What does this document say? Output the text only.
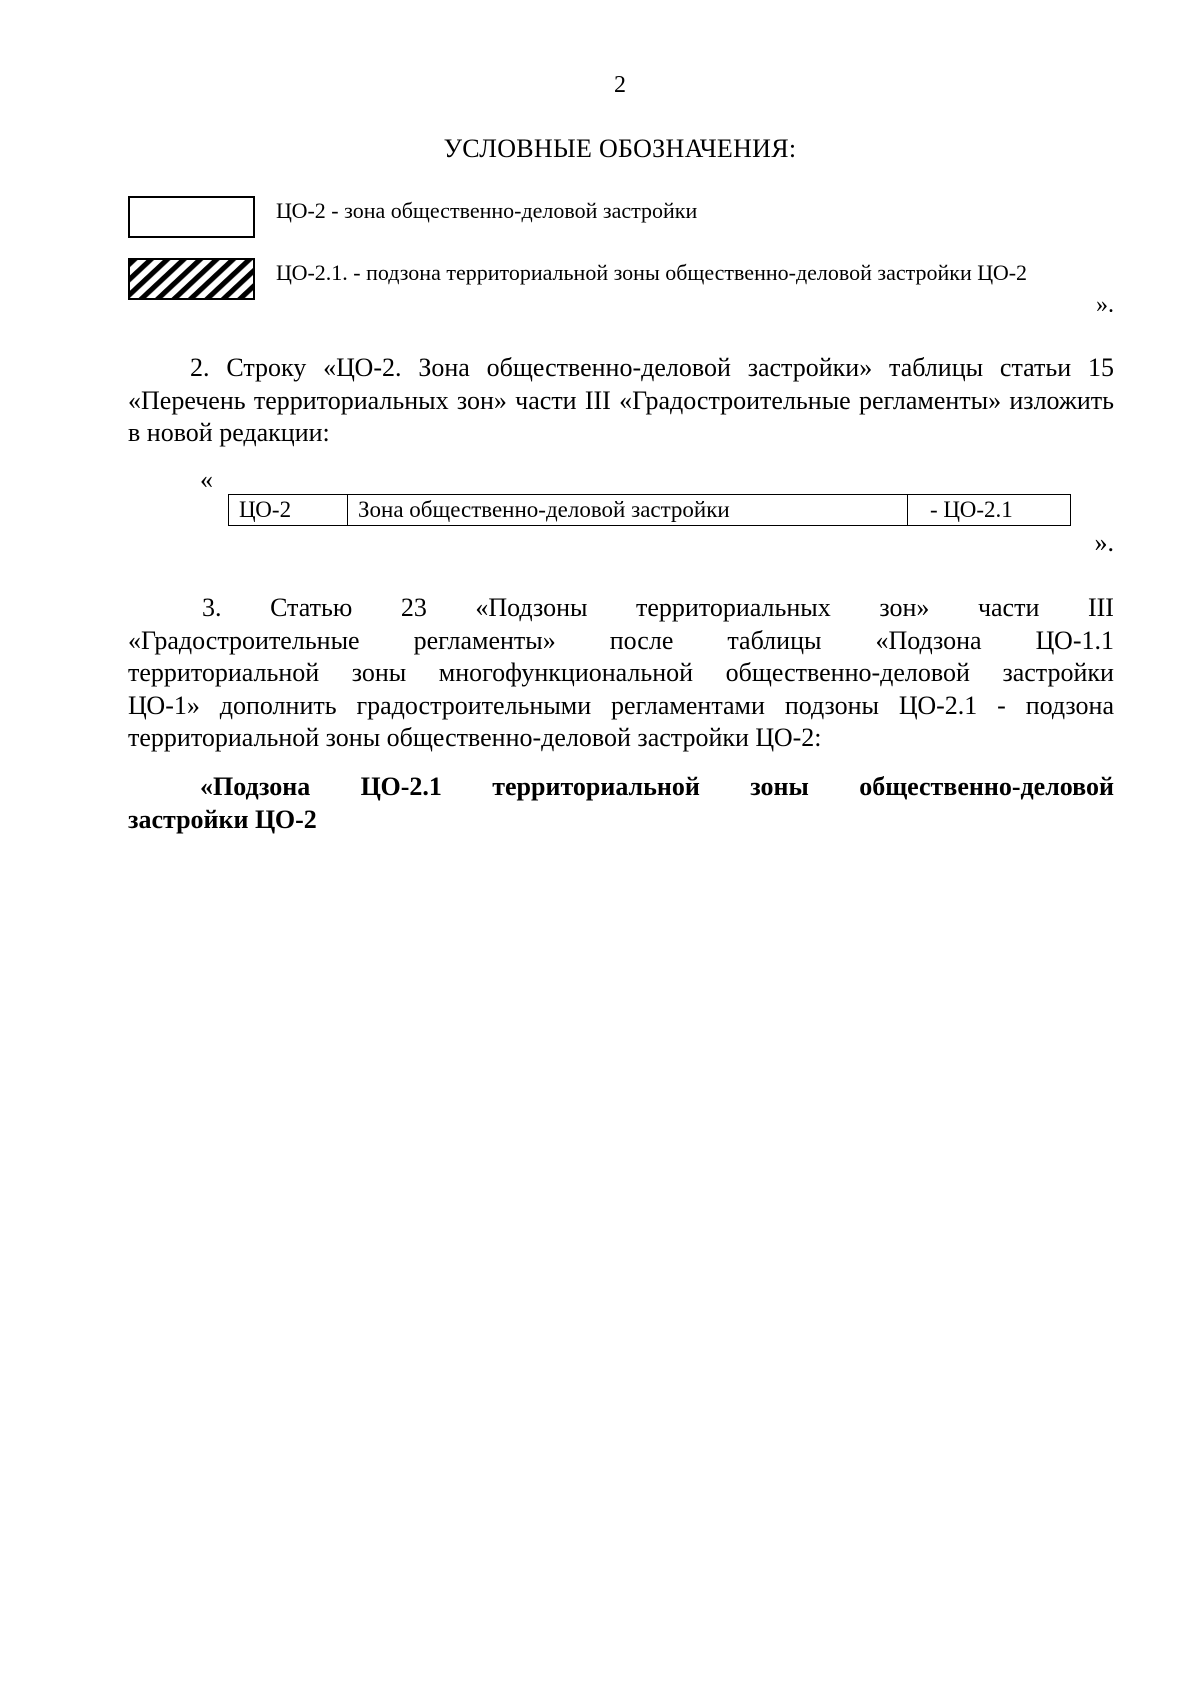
2
УСЛОВНЫЕ ОБОЗНАЧЕНИЯ:
ЦО-2 - зона общественно-деловой застройки
ЦО-2.1. - подзона территориальной зоны общественно-деловой застройки ЦО-2
».
2. Строку «ЦО-2. Зона общественно-деловой застройки» таблицы статьи 15 «Перечень территориальных зон» части III «Градостроительные регламенты» изложить в новой редакции:
«
ЦО-2	Зона общественно-деловой застройки	- ЦО-2.1
».
3. Статью 23 «Подзоны территориальных зон» части III
«Градостроительные регламенты» после таблицы «Подзона ЦО-1.1
территориальной зоны многофункциональной общественно-деловой застройки
ЦО-1» дополнить градостроительными регламентами подзоны ЦО-2.1 - подзона
территориальной зоны общественно-деловой застройки ЦО-2:
«Подзона ЦО-2.1 территориальной зоны общественно-деловой
застройки ЦО-2
